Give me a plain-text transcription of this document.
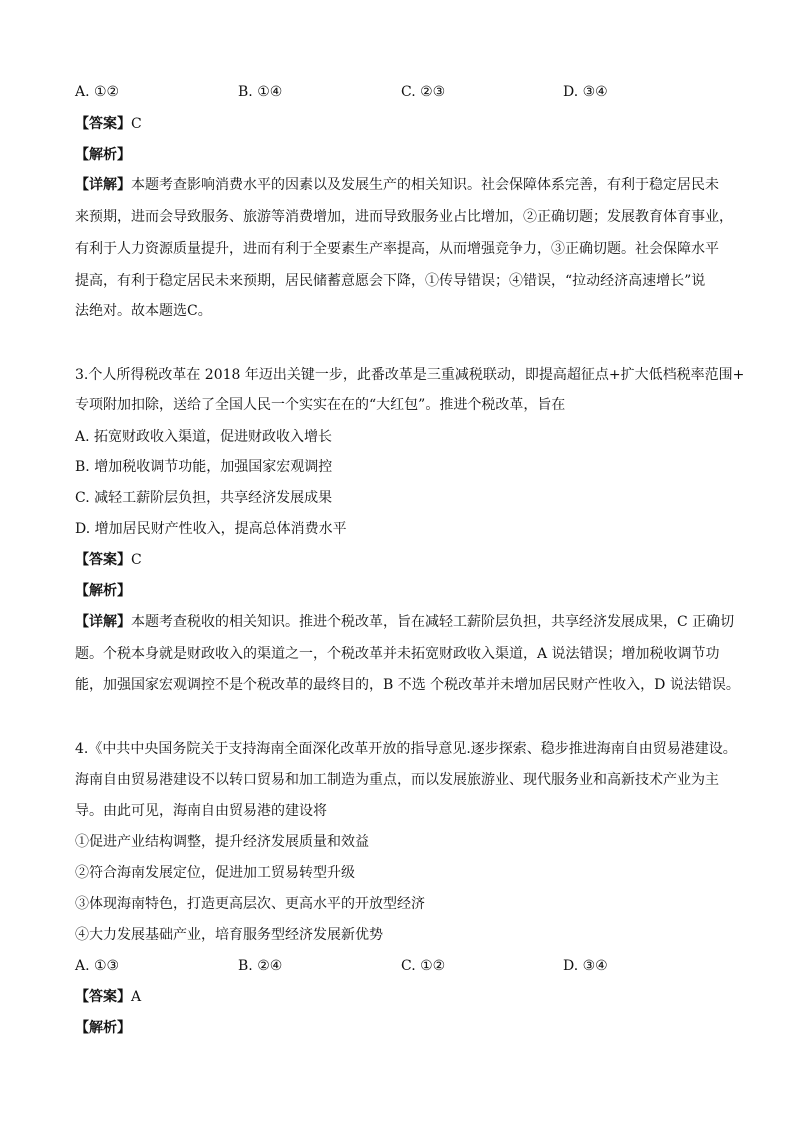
A. ①②	B. ①④	C. ②③	D. ③④
【答案】C
【解析】
【详解】本题考查影响消费水平的因素以及发展生产的相关知识。社会保障体系完善，有利于稳定居民未
来预期，进而会导致服务、旅游等消费增加，进而导致服务业占比增加，②正确切题；发展教育体育事业，
有利于人力资源质量提升，进而有利于全要素生产率提高，从而增强竞争力，③正确切题。社会保障水平
提高，有利于稳定居民未来预期，居民储蓄意愿会下降，①传导错误；④错误，“拉动经济高速增长”说
法绝对。故本题选C。
3.个人所得税改革在 2018 年迈出关键一步，此番改革是三重减税联动，即提高超征点+扩大低档税率范围+
专项附加扣除，送给了全国人民一个实实在在的“大红包”。推进个税改革，旨在
A. 拓宽财政收入渠道，促进财政收入增长
B. 增加税收调节功能，加强国家宏观调控
C. 减轻工薪阶层负担，共享经济发展成果
D. 增加居民财产性收入，提高总体消费水平
【答案】C
【解析】
【详解】本题考查税收的相关知识。推进个税改革，旨在减轻工薪阶层负担，共享经济发展成果，C 正确切
题。个税本身就是财政收入的渠道之一，个税改革并未拓宽财政收入渠道，A 说法错误；增加税收调节功
能，加强国家宏观调控不是个税改革的最终目的，B 不选 个税改革并未增加居民财产性收入，D 说法错误。
4.《中共中央国务院关于支持海南全面深化改革开放的指导意见.逐步探索、稳步推进海南自由贸易港建设。
海南自由贸易港建设不以转口贸易和加工制造为重点，而以发展旅游业、现代服务业和高新技术产业为主
导。由此可见，海南自由贸易港的建设将
①促进产业结构调整，提升经济发展质量和效益
②符合海南发展定位，促进加工贸易转型升级
③体现海南特色，打造更高层次、更高水平的开放型经济
④大力发展基础产业，培育服务型经济发展新优势
A. ①③	B. ②④	C. ①②	D. ③④
【答案】A
【解析】
